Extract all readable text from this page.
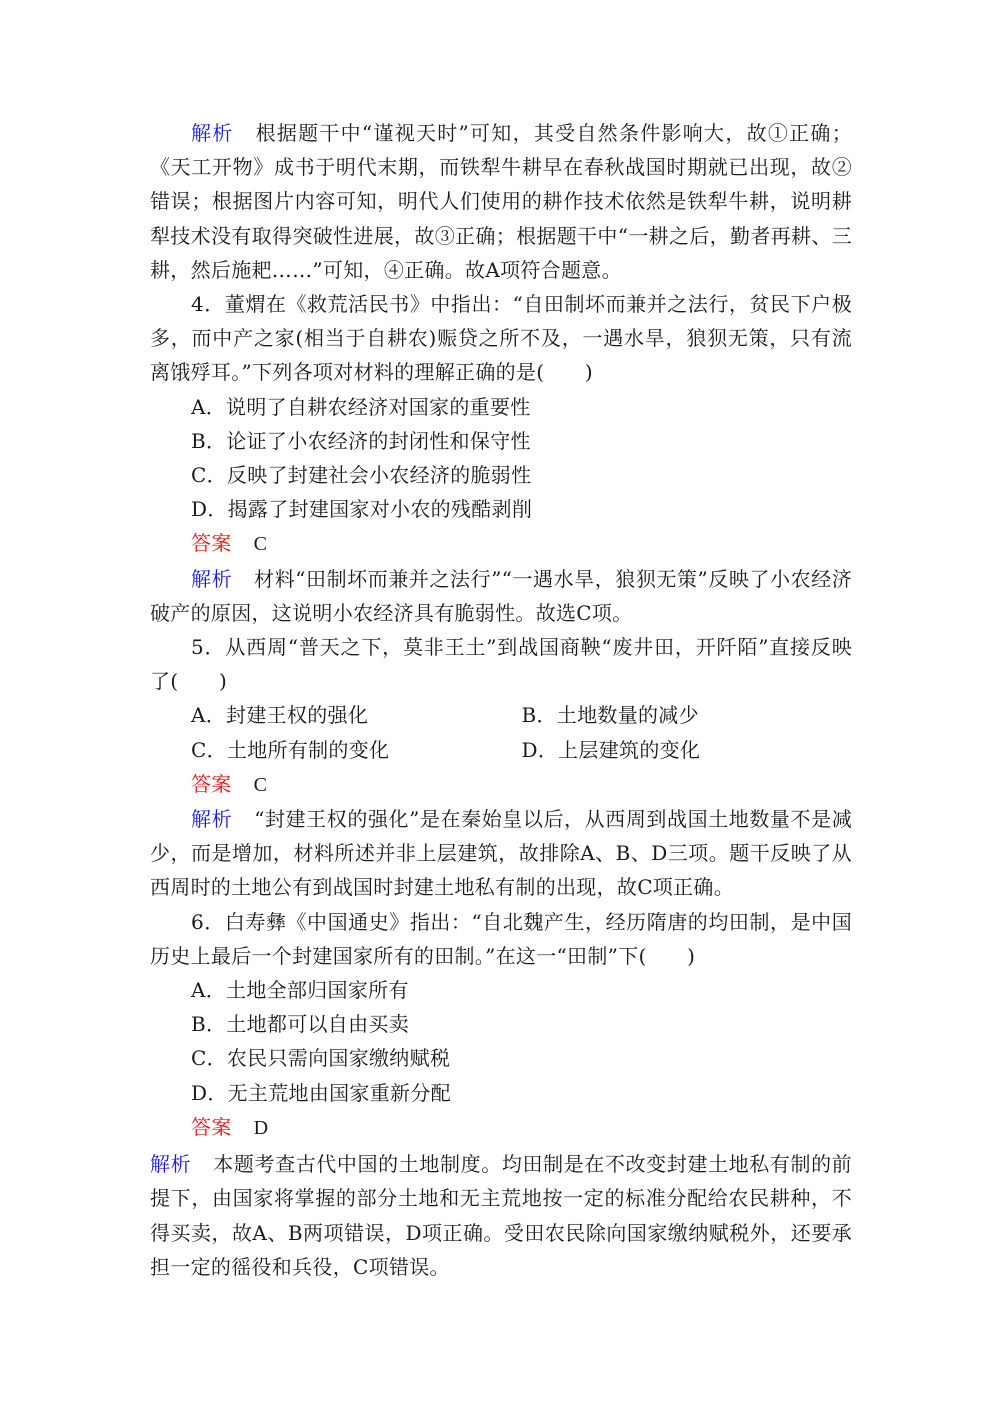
解析 根据题干中“谨视天时”可知，其受自然条件影响大，故①正确；《天工开物》成书于明代末期，而铁犁牛耕早在春秋战国时期就已出现，故②错误；根据图片内容可知，明代人们使用的耕作技术依然是铁犁牛耕，说明耕犁技术没有取得突破性进展，故③正确；根据题干中“一耕之后，勤者再耕、三耕，然后施耙……”可知，④正确。故A项符合题意。

4．董煟在《救荒活民书》中指出：“自田制坏而兼并之法行，贫民下户极多，而中产之家(相当于自耕农)赈贷之所不及，一遇水旱，狼狈无策，只有流离饿殍耳。”下列各项对材料的理解正确的是(　　)

A．说明了自耕农经济对国家的重要性

B．论证了小农经济的封闭性和保守性

C．反映了封建社会小农经济的脆弱性

D．揭露了封建国家对小农的残酷剥削

答案 C

解析 材料“田制坏而兼并之法行”“一遇水旱，狼狈无策”反映了小农经济破产的原因，这说明小农经济具有脆弱性。故选C项。

5．从西周“普天之下，莫非王土”到战国商鞅“废井田，开阡陌”直接反映了(　　)

A．封建王权的强化	B．土地数量的减少
C．土地所有制的变化	D．上层建筑的变化

答案 C

解析 “封建王权的强化”是在秦始皇以后，从西周到战国土地数量不是减少，而是增加，材料所述并非上层建筑，故排除A、B、D三项。题干反映了从西周时的土地公有到战国时封建土地私有制的出现，故C项正确。

6．白寿彝《中国通史》指出：“自北魏产生，经历隋唐的均田制，是中国历史上最后一个封建国家所有的田制。”在这一“田制”下(　　)

A．土地全部归国家所有

B．土地都可以自由买卖

C．农民只需向国家缴纳赋税

D．无主荒地由国家重新分配

答案 D

解析 本题考查古代中国的土地制度。均田制是在不改变封建土地私有制的前提下，由国家将掌握的部分土地和无主荒地按一定的标准分配给农民耕种，不得买卖，故A、B两项错误，D项正确。受田农民除向国家缴纳赋税外，还要承担一定的徭役和兵役，C项错误。
